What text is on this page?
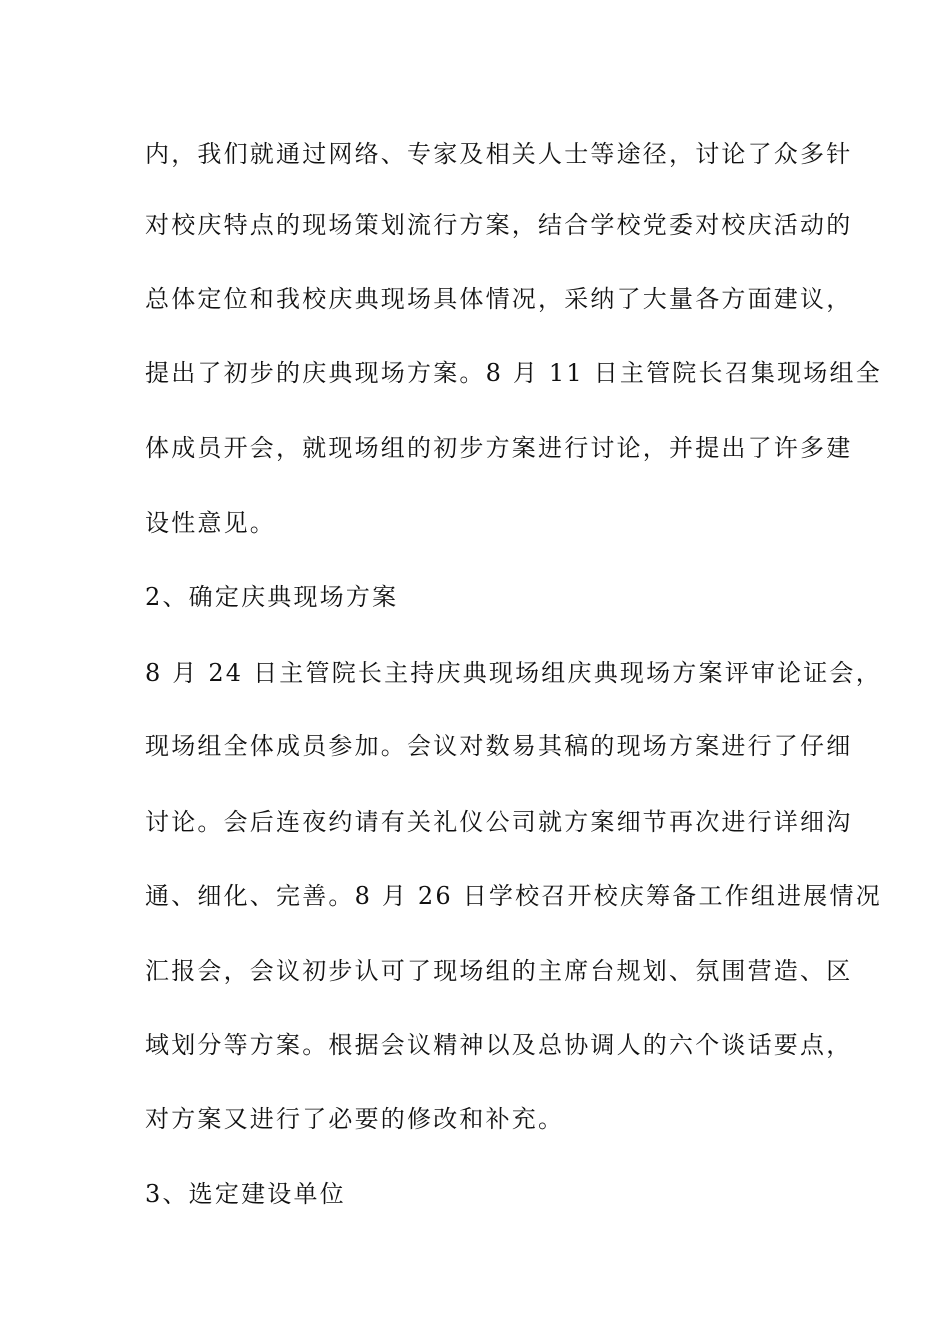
内，我们就通过网络、专家及相关人士等途径，讨论了众多针
对校庆特点的现场策划流行方案，结合学校党委对校庆活动的
总体定位和我校庆典现场具体情况，采纳了大量各方面建议，
提出了初步的庆典现场方案。8 月 11 日主管院长召集现场组全
体成员开会，就现场组的初步方案进行讨论，并提出了许多建
设性意见。
2、确定庆典现场方案
8 月 24 日主管院长主持庆典现场组庆典现场方案评审论证会，
现场组全体成员参加。会议对数易其稿的现场方案进行了仔细
讨论。会后连夜约请有关礼仪公司就方案细节再次进行详细沟
通、细化、完善。8 月 26 日学校召开校庆筹备工作组进展情况
汇报会，会议初步认可了现场组的主席台规划、氛围营造、区
域划分等方案。根据会议精神以及总协调人的六个谈话要点，
对方案又进行了必要的修改和补充。
3、选定建设单位
